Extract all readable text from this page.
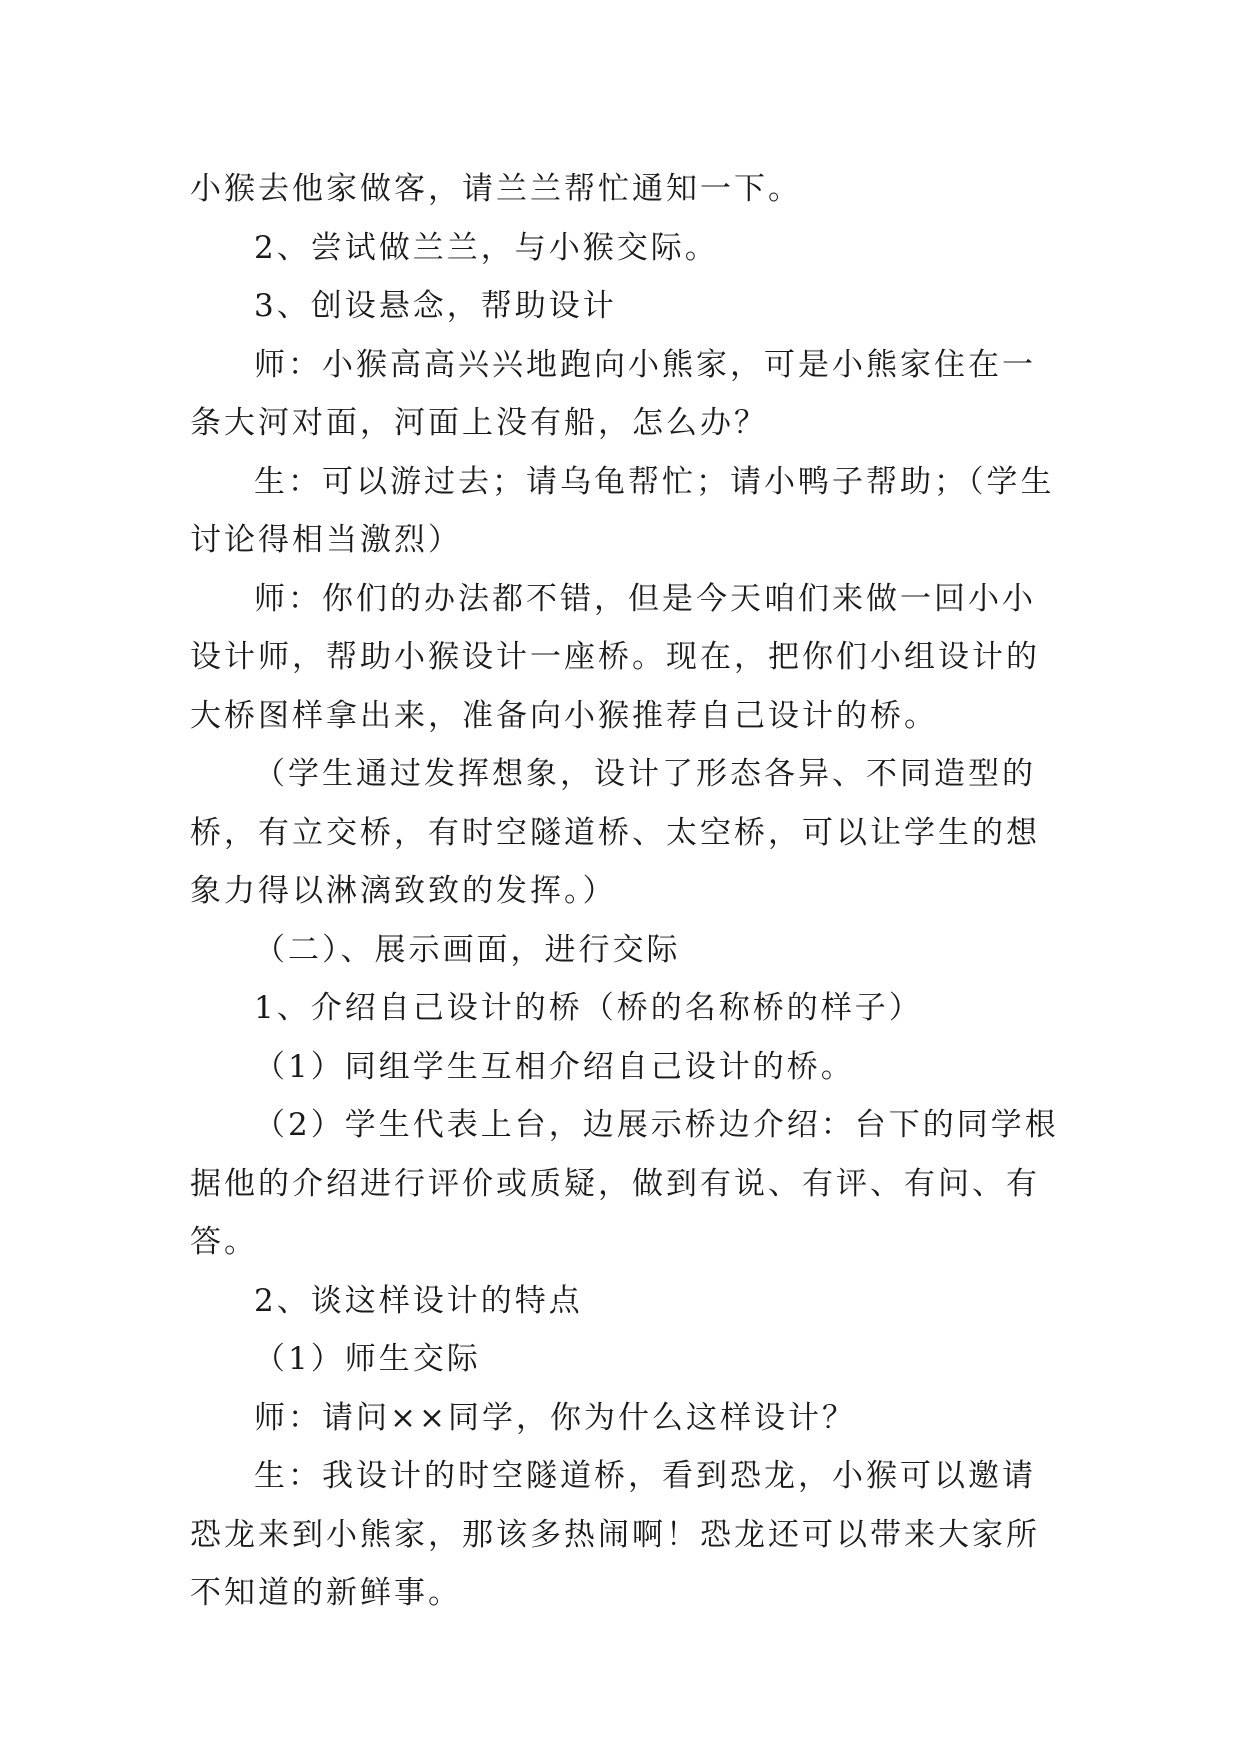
小猴去他家做客，请兰兰帮忙通知一下。

2、尝试做兰兰，与小猴交际。

3、创设悬念，帮助设计

师：小猴高高兴兴地跑向小熊家，可是小熊家住在一条大河对面，河面上没有船，怎么办？

生：可以游过去；请乌龟帮忙；请小鸭子帮助；（学生讨论得相当激烈）

师：你们的办法都不错，但是今天咱们来做一回小小设计师，帮助小猴设计一座桥。现在，把你们小组设计的大桥图样拿出来，准备向小猴推荐自己设计的桥。

（学生通过发挥想象，设计了形态各异、不同造型的桥，有立交桥，有时空隧道桥、太空桥，可以让学生的想象力得以淋漓致致的发挥。）

（二）、展示画面，进行交际

1、介绍自己设计的桥（桥的名称桥的样子）

（1）同组学生互相介绍自己设计的桥。

（2）学生代表上台，边展示桥边介绍：台下的同学根据他的介绍进行评价或质疑，做到有说、有评、有问、有答。

2、谈这样设计的特点

（1）师生交际

师：请问××同学，你为什么这样设计？

生：我设计的时空隧道桥，看到恐龙，小猴可以邀请恐龙来到小熊家，那该多热闹啊！恐龙还可以带来大家所不知道的新鲜事。
